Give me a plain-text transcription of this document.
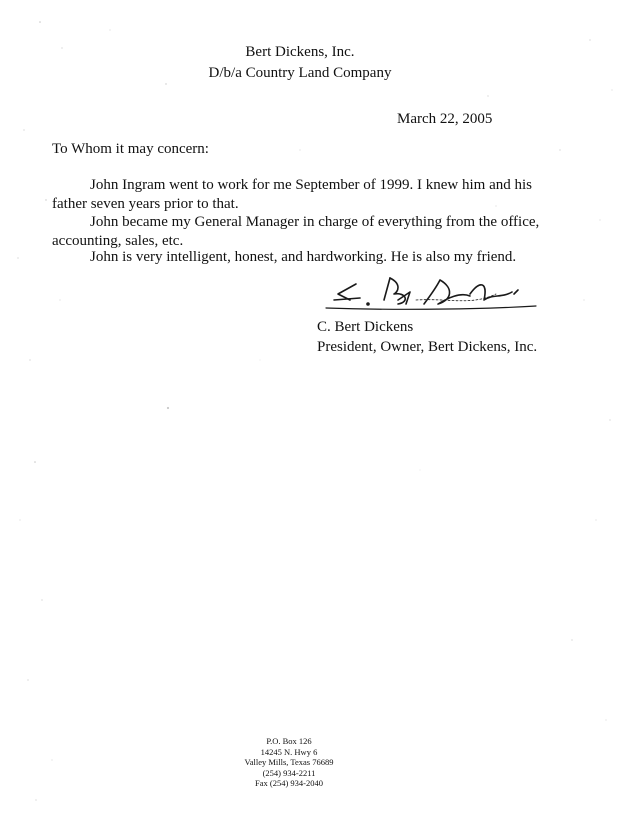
Bert Dickens, Inc.
D/b/a Country Land Company
March 22, 2005
To Whom it may concern:
John Ingram went to work for me September of 1999. I knew him and his father seven years prior to that.
John became my General Manager in charge of everything from the office, accounting, sales, etc.
John is very intelligent, honest, and hardworking. He is also my friend.
C. Bert Dickens
President, Owner, Bert Dickens, Inc.
P.O. Box 126
14245 N. Hwy 6
Valley Mills, Texas 76689
(254) 934-2211
Fax (254) 934-2040
